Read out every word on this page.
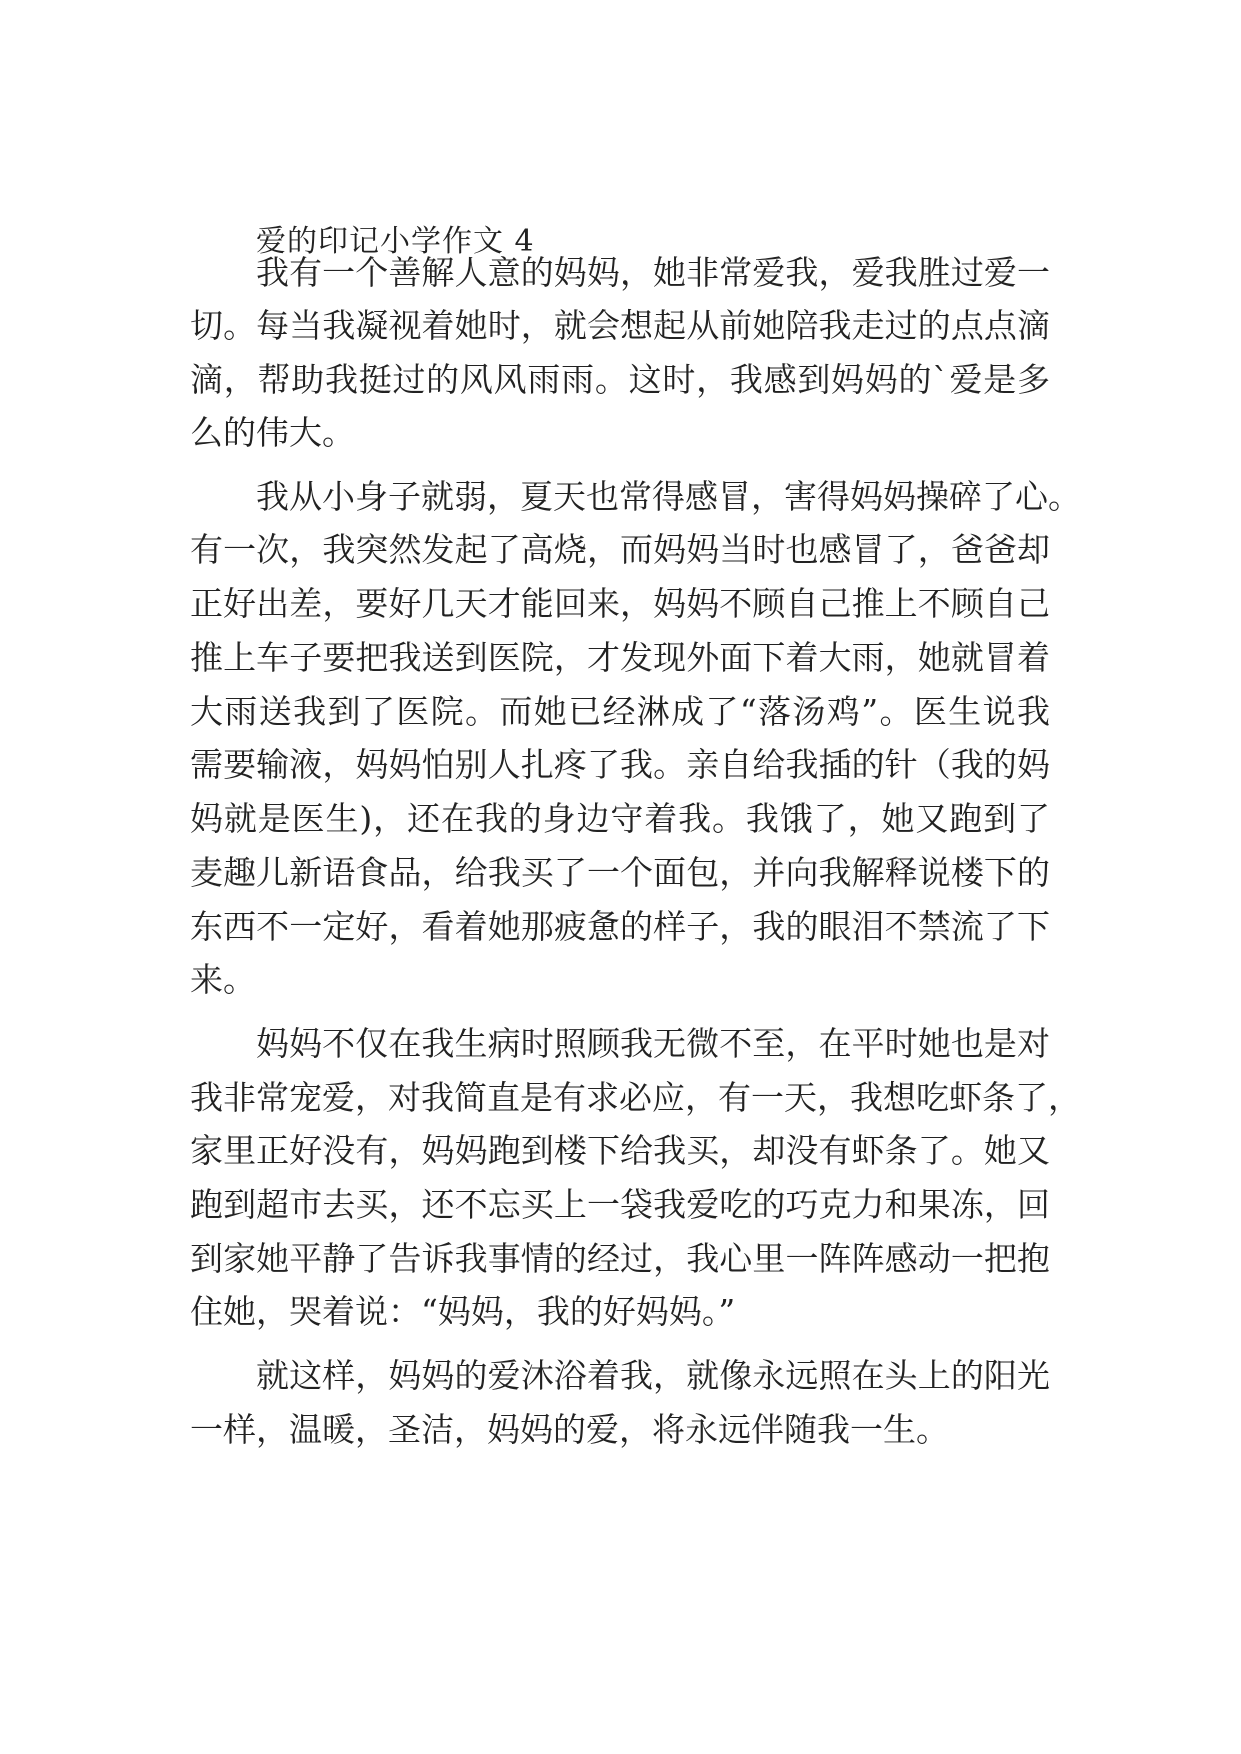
爱的印记小学作文 4
我有一个善解人意的妈妈，她非常爱我，爱我胜过爱一
切。每当我凝视着她时，就会想起从前她陪我走过的点点滴
滴，帮助我挺过的风风雨雨。这时，我感到妈妈的`爱是多
么的伟大。
我从小身子就弱，夏天也常得感冒，害得妈妈操碎了心。
有一次，我突然发起了高烧，而妈妈当时也感冒了，爸爸却
正好出差，要好几天才能回来，妈妈不顾自己推上不顾自己
推上车子要把我送到医院，才发现外面下着大雨，她就冒着
大雨送我到了医院。而她已经淋成了“落汤鸡”。医生说我
需要输液，妈妈怕别人扎疼了我。亲自给我插的针（我的妈
妈就是医生)，还在我的身边守着我。我饿了，她又跑到了
麦趣儿新语食品，给我买了一个面包，并向我解释说楼下的
东西不一定好，看着她那疲惫的样子，我的眼泪不禁流了下
来。
妈妈不仅在我生病时照顾我无微不至，在平时她也是对
我非常宠爱，对我简直是有求必应，有一天，我想吃虾条了，
家里正好没有，妈妈跑到楼下给我买，却没有虾条了。她又
跑到超市去买，还不忘买上一袋我爱吃的巧克力和果冻，回
到家她平静了告诉我事情的经过，我心里一阵阵感动一把抱
住她，哭着说：“妈妈，我的好妈妈。”
就这样，妈妈的爱沐浴着我，就像永远照在头上的阳光
一样，温暖，圣洁，妈妈的爱，将永远伴随我一生。
